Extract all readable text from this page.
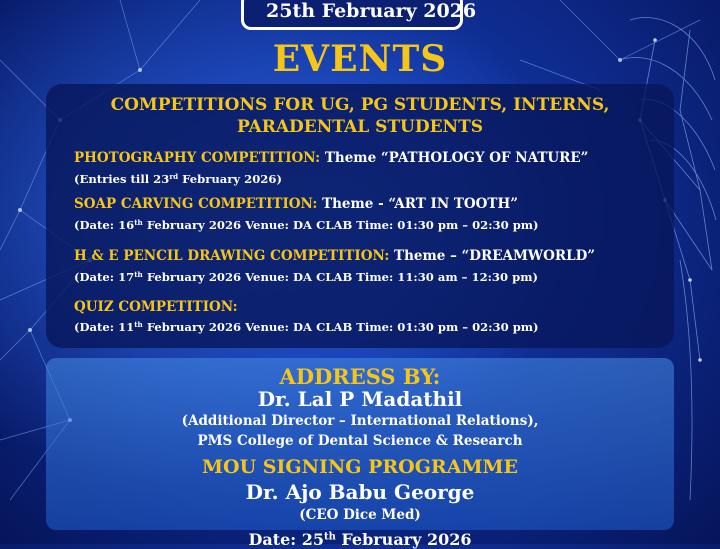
25th February 2026
EVENTS
COMPETITIONS FOR UG, PG STUDENTS, INTERNS,
PARADENTAL STUDENTS
PHOTOGRAPHY COMPETITION: Theme “PATHOLOGY OF NATURE”
(Entries till 23rd February 2026)
SOAP CARVING COMPETITION: Theme - “ART IN TOOTH”
(Date: 16th February 2026 Venue: DA CLAB Time: 01:30 pm – 02:30 pm)
H & E PENCIL DRAWING COMPETITION: Theme – “DREAMWORLD”
(Date: 17th February 2026 Venue: DA CLAB Time: 11:30 am – 12:30 pm)
QUIZ COMPETITION:
(Date: 11th February 2026 Venue: DA CLAB Time: 01:30 pm – 02:30 pm)
ADDRESS BY:
Dr. Lal P Madathil
(Additional Director – International Relations),
PMS College of Dental Science & Research
MOU SIGNING PROGRAMME
Dr. Ajo Babu George
(CEO Dice Med)
Date: 25th February 2026
